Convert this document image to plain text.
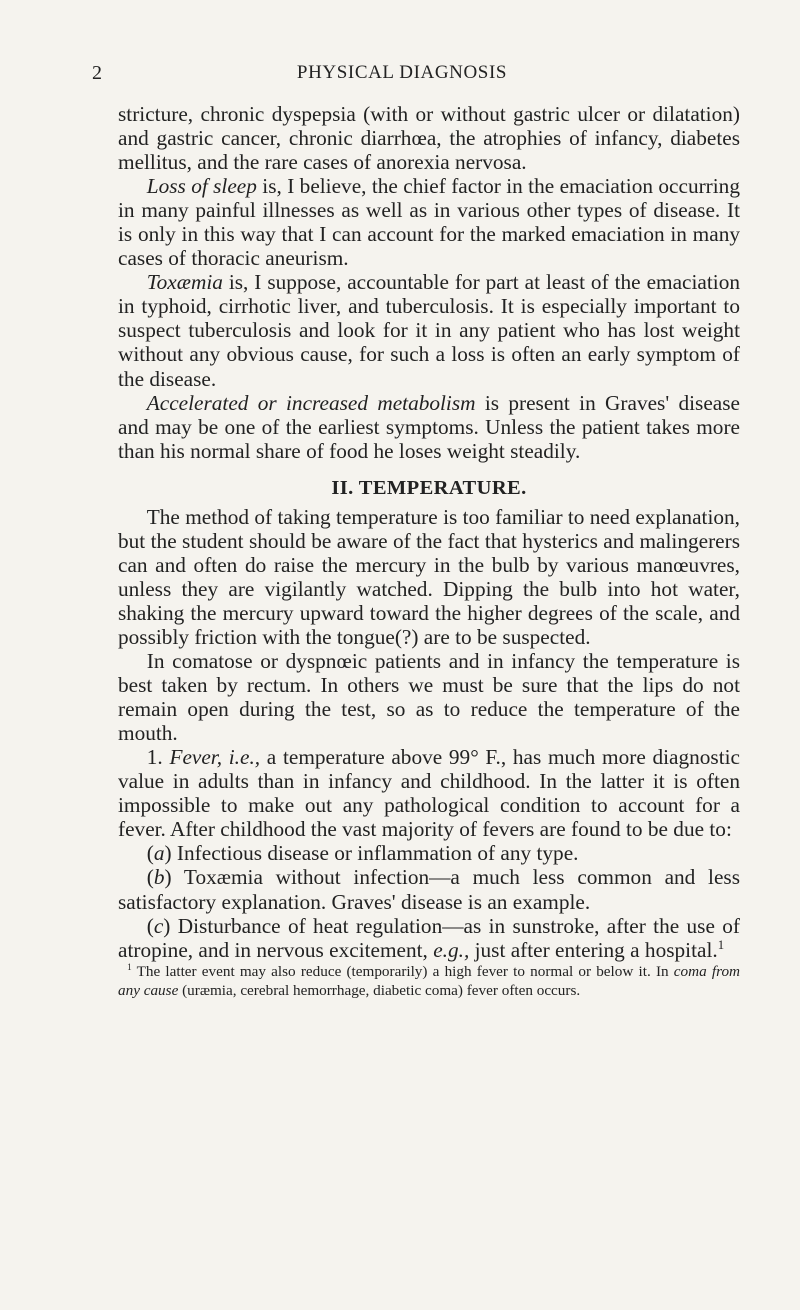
2	PHYSICAL DIAGNOSIS

stricture, chronic dyspepsia (with or without gastric ulcer or dilatation) and gastric cancer, chronic diarrhœa, the atrophies of infancy, diabetes mellitus, and the rare cases of anorexia nervosa.

Loss of sleep is, I believe, the chief factor in the emaciation occurring in many painful illnesses as well as in various other types of disease. It is only in this way that I can account for the marked emaciation in many cases of thoracic aneurism.

Toxæmia is, I suppose, accountable for part at least of the emaciation in typhoid, cirrhotic liver, and tuberculosis. It is especially important to suspect tuberculosis and look for it in any patient who has lost weight without any obvious cause, for such a loss is often an early symptom of the disease.

Accelerated or increased metabolism is present in Graves' disease and may be one of the earliest symptoms. Unless the patient takes more than his normal share of food he loses weight steadily.

II. TEMPERATURE.

The method of taking temperature is too familiar to need explanation, but the student should be aware of the fact that hysterics and malingerers can and often do raise the mercury in the bulb by various manœuvres, unless they are vigilantly watched. Dipping the bulb into hot water, shaking the mercury upward toward the higher degrees of the scale, and possibly friction with the tongue(?) are to be suspected.

In comatose or dyspnœic patients and in infancy the temperature is best taken by rectum. In others we must be sure that the lips do not remain open during the test, so as to reduce the temperature of the mouth.

1. Fever, i.e., a temperature above 99° F., has much more diagnostic value in adults than in infancy and childhood. In the latter it is often impossible to make out any pathological condition to account for a fever. After childhood the vast majority of fevers are found to be due to:

(a) Infectious disease or inflammation of any type.

(b) Toxæmia without infection—a much less common and less satisfactory explanation. Graves' disease is an example.

(c) Disturbance of heat regulation—as in sunstroke, after the use of atropine, and in nervous excitement, e.g., just after entering a hospital.$^1$

$^1$ The latter event may also reduce (temporarily) a high fever to normal or below it. In coma from any cause (uræmia, cerebral hemorrhage, diabetic coma) fever often occurs.
